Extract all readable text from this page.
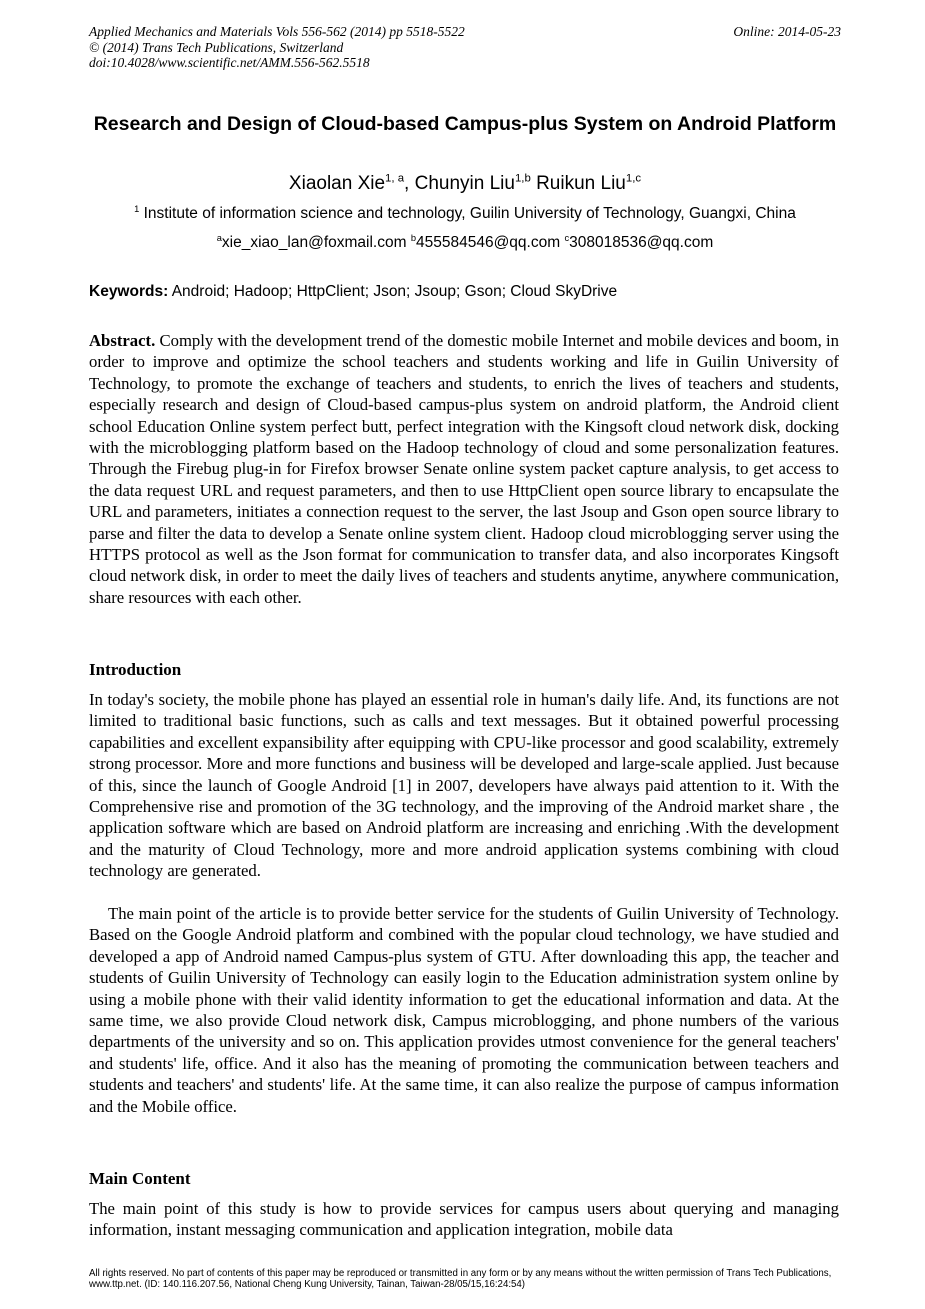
Applied Mechanics and Materials Vols 556-562 (2014) pp 5518-5522	Online: 2014-05-23
© (2014) Trans Tech Publications, Switzerland
doi:10.4028/www.scientific.net/AMM.556-562.5518
Research and Design of Cloud-based Campus-plus System on Android Platform
Xiaolan Xie$^{1, a}$, Chunyin Liu$^{1,b}$ Ruikun Liu$^{1,c}$
$^1$ Institute of information science and technology, Guilin University of Technology, Guangxi, China
$^a$xie_xiao_lan@foxmail.com $^b$455584546@qq.com $^c$308018536@qq.com
Keywords: Android; Hadoop; HttpClient; Json; Jsoup; Gson; Cloud SkyDrive
Abstract. Comply with the development trend of the domestic mobile Internet and mobile devices and boom, in order to improve and optimize the school teachers and students working and life in Guilin University of Technology, to promote the exchange of teachers and students, to enrich the lives of teachers and students, especially research and design of Cloud-based campus-plus system on android platform, the Android client school Education Online system perfect butt, perfect integration with the Kingsoft cloud network disk, docking with the microblogging platform based on the Hadoop technology of cloud and some personalization features. Through the Firebug plug-in for Firefox browser Senate online system packet capture analysis, to get access to the data request URL and request parameters, and then to use HttpClient open source library to encapsulate the URL and parameters, initiates a connection request to the server, the last Jsoup and Gson open source library to parse and filter the data to develop a Senate online system client. Hadoop cloud microblogging server using the HTTPS protocol as well as the Json format for communication to transfer data, and also incorporates Kingsoft cloud network disk, in order to meet the daily lives of teachers and students anytime, anywhere communication, share resources with each other.
Introduction
In today's society, the mobile phone has played an essential role in human's daily life. And, its functions are not limited to traditional basic functions, such as calls and text messages. But it obtained powerful processing capabilities and excellent expansibility after equipping with CPU-like processor and good scalability, extremely strong processor. More and more functions and business will be developed and large-scale applied. Just because of this, since the launch of Google Android [1] in 2007, developers have always paid attention to it. With the Comprehensive rise and promotion of the 3G technology, and the improving of the Android market share , the application software which are based on Android platform are increasing and enriching .With the development and the maturity of Cloud Technology, more and more android application systems combining with cloud technology are generated.
The main point of the article is to provide better service for the students of Guilin University of Technology. Based on the Google Android platform and combined with the popular cloud technology, we have studied and developed a app of Android named Campus-plus system of GTU. After downloading this app, the teacher and students of Guilin University of Technology can easily login to the Education administration system online by using a mobile phone with their valid identity information to get the educational information and data. At the same time, we also provide Cloud network disk, Campus microblogging, and phone numbers of the various departments of the university and so on. This application provides utmost convenience for the general teachers' and students' life, office. And it also has the meaning of promoting the communication between teachers and students and teachers' and students' life. At the same time, it can also realize the purpose of campus information and the Mobile office.
Main Content
The main point of this study is how to provide services for campus users about querying and managing information, instant messaging communication and application integration, mobile data
All rights reserved. No part of contents of this paper may be reproduced or transmitted in any form or by any means without the written permission of Trans Tech Publications, www.ttp.net. (ID: 140.116.207.56, National Cheng Kung University, Tainan, Taiwan-28/05/15,16:24:54)
